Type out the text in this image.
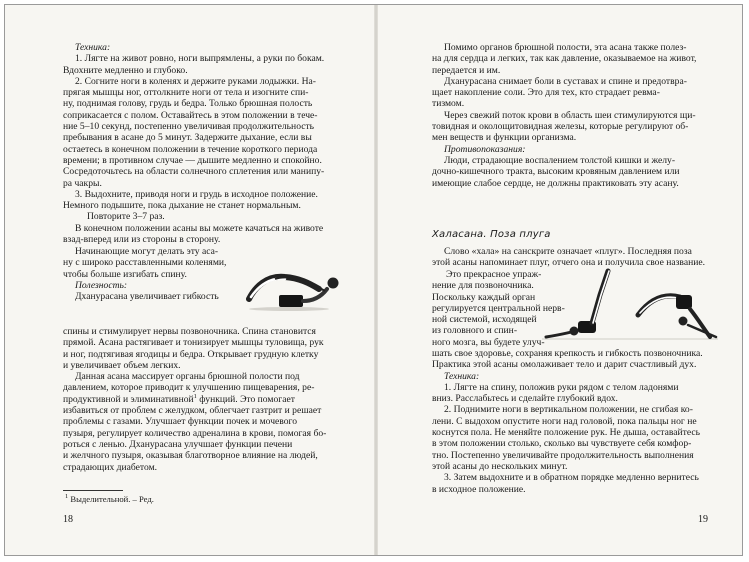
Техника:
1. Лягте на живот ровно, ноги выпрямлены, а руки по бокам.
Вдохните медленно и глубоко.
2. Согните ноги в коленях и держите руками лодыжки. На-
прягая мышцы ног, оттолкните ноги от тела и изогните спи-
ну, поднимая голову, грудь и бедра. Только брюшная полость
соприкасается с полом. Оставайтесь в этом положении в тече-
ние 5–10 секунд, постепенно увеличивая продолжительность
пребывания в асане до 5 минут. Задержите дыхание, если вы
остаетесь в конечном положении в течение короткого периода
времени; в противном случае — дышите медленно и спокойно.
Сосредоточьтесь на области солнечного сплетения или манипу-
ра чакры.
3. Выдохните, приводя ноги и грудь в исходное положение.
Немного подышите, пока дыхание не станет нормальным.
Повторите 3–7 раз.
В конечном положении асаны вы можете качаться на животе
взад-вперед или из стороны в сторону.
Начинающие могут делать эту аса-
ну с широко расставленными коленями,
чтобы больше изгибать спину.
Полезность:
Дханурасана увеличивает гибкость
спины и стимулирует нервы позвоночника. Спина становится
прямой. Асана растягивает и тонизирует мышцы туловища, рук
и ног, подтягивая ягодицы и бедра. Открывает грудную клетку
и увеличивает объем легких.
Данная асана массирует органы брюшной полости под
давлением, которое приводит к улучшению пищеварения, ре-
продуктивной и элиминативной$^1$ функций. Это помогает
избавиться от проблем с желудком, облегчает газтрит и решает
проблемы с газами. Улучшает функции почек и мочевого
пузыря, регулирует количество адреналина в крови, помогая бо-
роться с ленью. Дханурасана улучшает функции печени
и желчного пузыря, оказывая благотворное влияние на людей,
страдающих диабетом.
$^1$ Выделительной. – Ред.
18
Помимо органов брюшной полости, эта асана также полез-
на для сердца и легких, так как давление, оказываемое на живот,
передается и им.
Дханурасана снимает боли в суставах и спине и предотвра-
щает накопление соли. Это для тех, кто страдает ревма-
тизмом.
Через свежий поток крови в область шеи стимулируются щи-
товидная и околощитовидная железы, которые регулируют об-
мен веществ и функции организма.
Противопоказания:
Люди, страдающие воспалением толстой кишки и желу-
дочно-кишечного тракта, высоким кровяным давлением или
имеющие слабое сердце, не должны практиковать эту асану.
Халасана. Поза плуга
Слово «хала» на санскрите означает «плуг». Последняя поза
этой асаны напоминает плуг, отчего она и получила свое название.
Это прекрасное упраж-
нение для позвоночника.
Поскольку каждый орган
регулируется центральной нерв-
ной системой, исходящей
из головного и спин-
ного мозга, вы будете улуч-
шать свое здоровье, сохраняя крепкость и гибкость позвоночника.
Практика этой асаны омолаживает тело и дарит счастливый дух.
Техника:
1. Лягте на спину, положив руки рядом с телом ладонями
вниз. Расслабьтесь и сделайте глубокий вдох.
2. Поднимите ноги в вертикальном положении, не сгибая ко-
лени. С выдохом опустите ноги над головой, пока пальцы ног не
коснутся пола. Не меняйте положение рук. Не дыша, оставайтесь
в этом положении столько, сколько вы чувствуете себя комфор-
тно. Постепенно увеличивайте продолжительность выполнения
этой асаны до нескольких минут.
3. Затем выдохните и в обратном порядке медленно вернитесь
в исходное положение.
19
